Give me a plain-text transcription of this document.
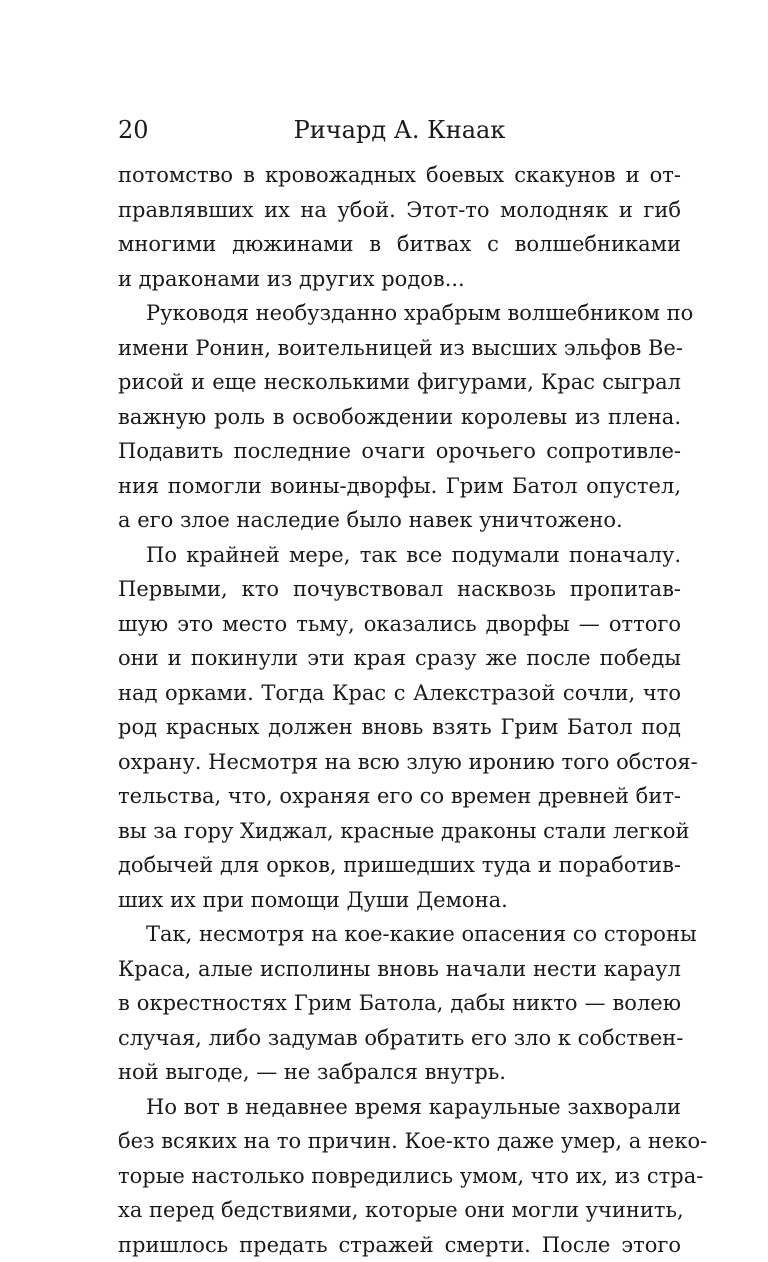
20	Ричард А. Кнаак

потомство в кровожадных боевых скакунов и от-
правлявших их на убой. Этот-то молодняк и гиб
многими дюжинами в битвах с волшебниками
и драконами из других родов...

Руководя необузданно храбрым волшебником по
имени Ронин, воительницей из высших эльфов Ве-
рисой и еще несколькими фигурами, Крас сыграл
важную роль в освобождении королевы из плена.
Подавить последние очаги орочьего сопротивле-
ния помогли воины-дворфы. Грим Батол опустел,
а его злое наследие было навек уничтожено.

По крайней мере, так все подумали поначалу.
Первыми, кто почувствовал насквозь пропитав-
шую это место тьму, оказались дворфы — оттого
они и покинули эти края сразу же после победы
над орками. Тогда Крас с Алекстразой сочли, что
род красных должен вновь взять Грим Батол под
охрану. Несмотря на всю злую иронию того обстоя-
тельства, что, охраняя его со времен древней бит-
вы за гору Хиджал, красные драконы стали легкой
добычей для орков, пришедших туда и поработив-
ших их при помощи Души Демона.

Так, несмотря на кое-какие опасения со стороны
Краса, алые исполины вновь начали нести караул
в окрестностях Грим Батола, дабы никто — волею
случая, либо задумав обратить его зло к собствен-
ной выгоде, — не забрался внутрь.

Но вот в недавнее время караульные захворали
без всяких на то причин. Кое-кто даже умер, а неко-
торые настолько повредились умом, что их, из стра-
ха перед бедствиями, которые они могли учинить,
пришлось предать стражей смерти. После этого
